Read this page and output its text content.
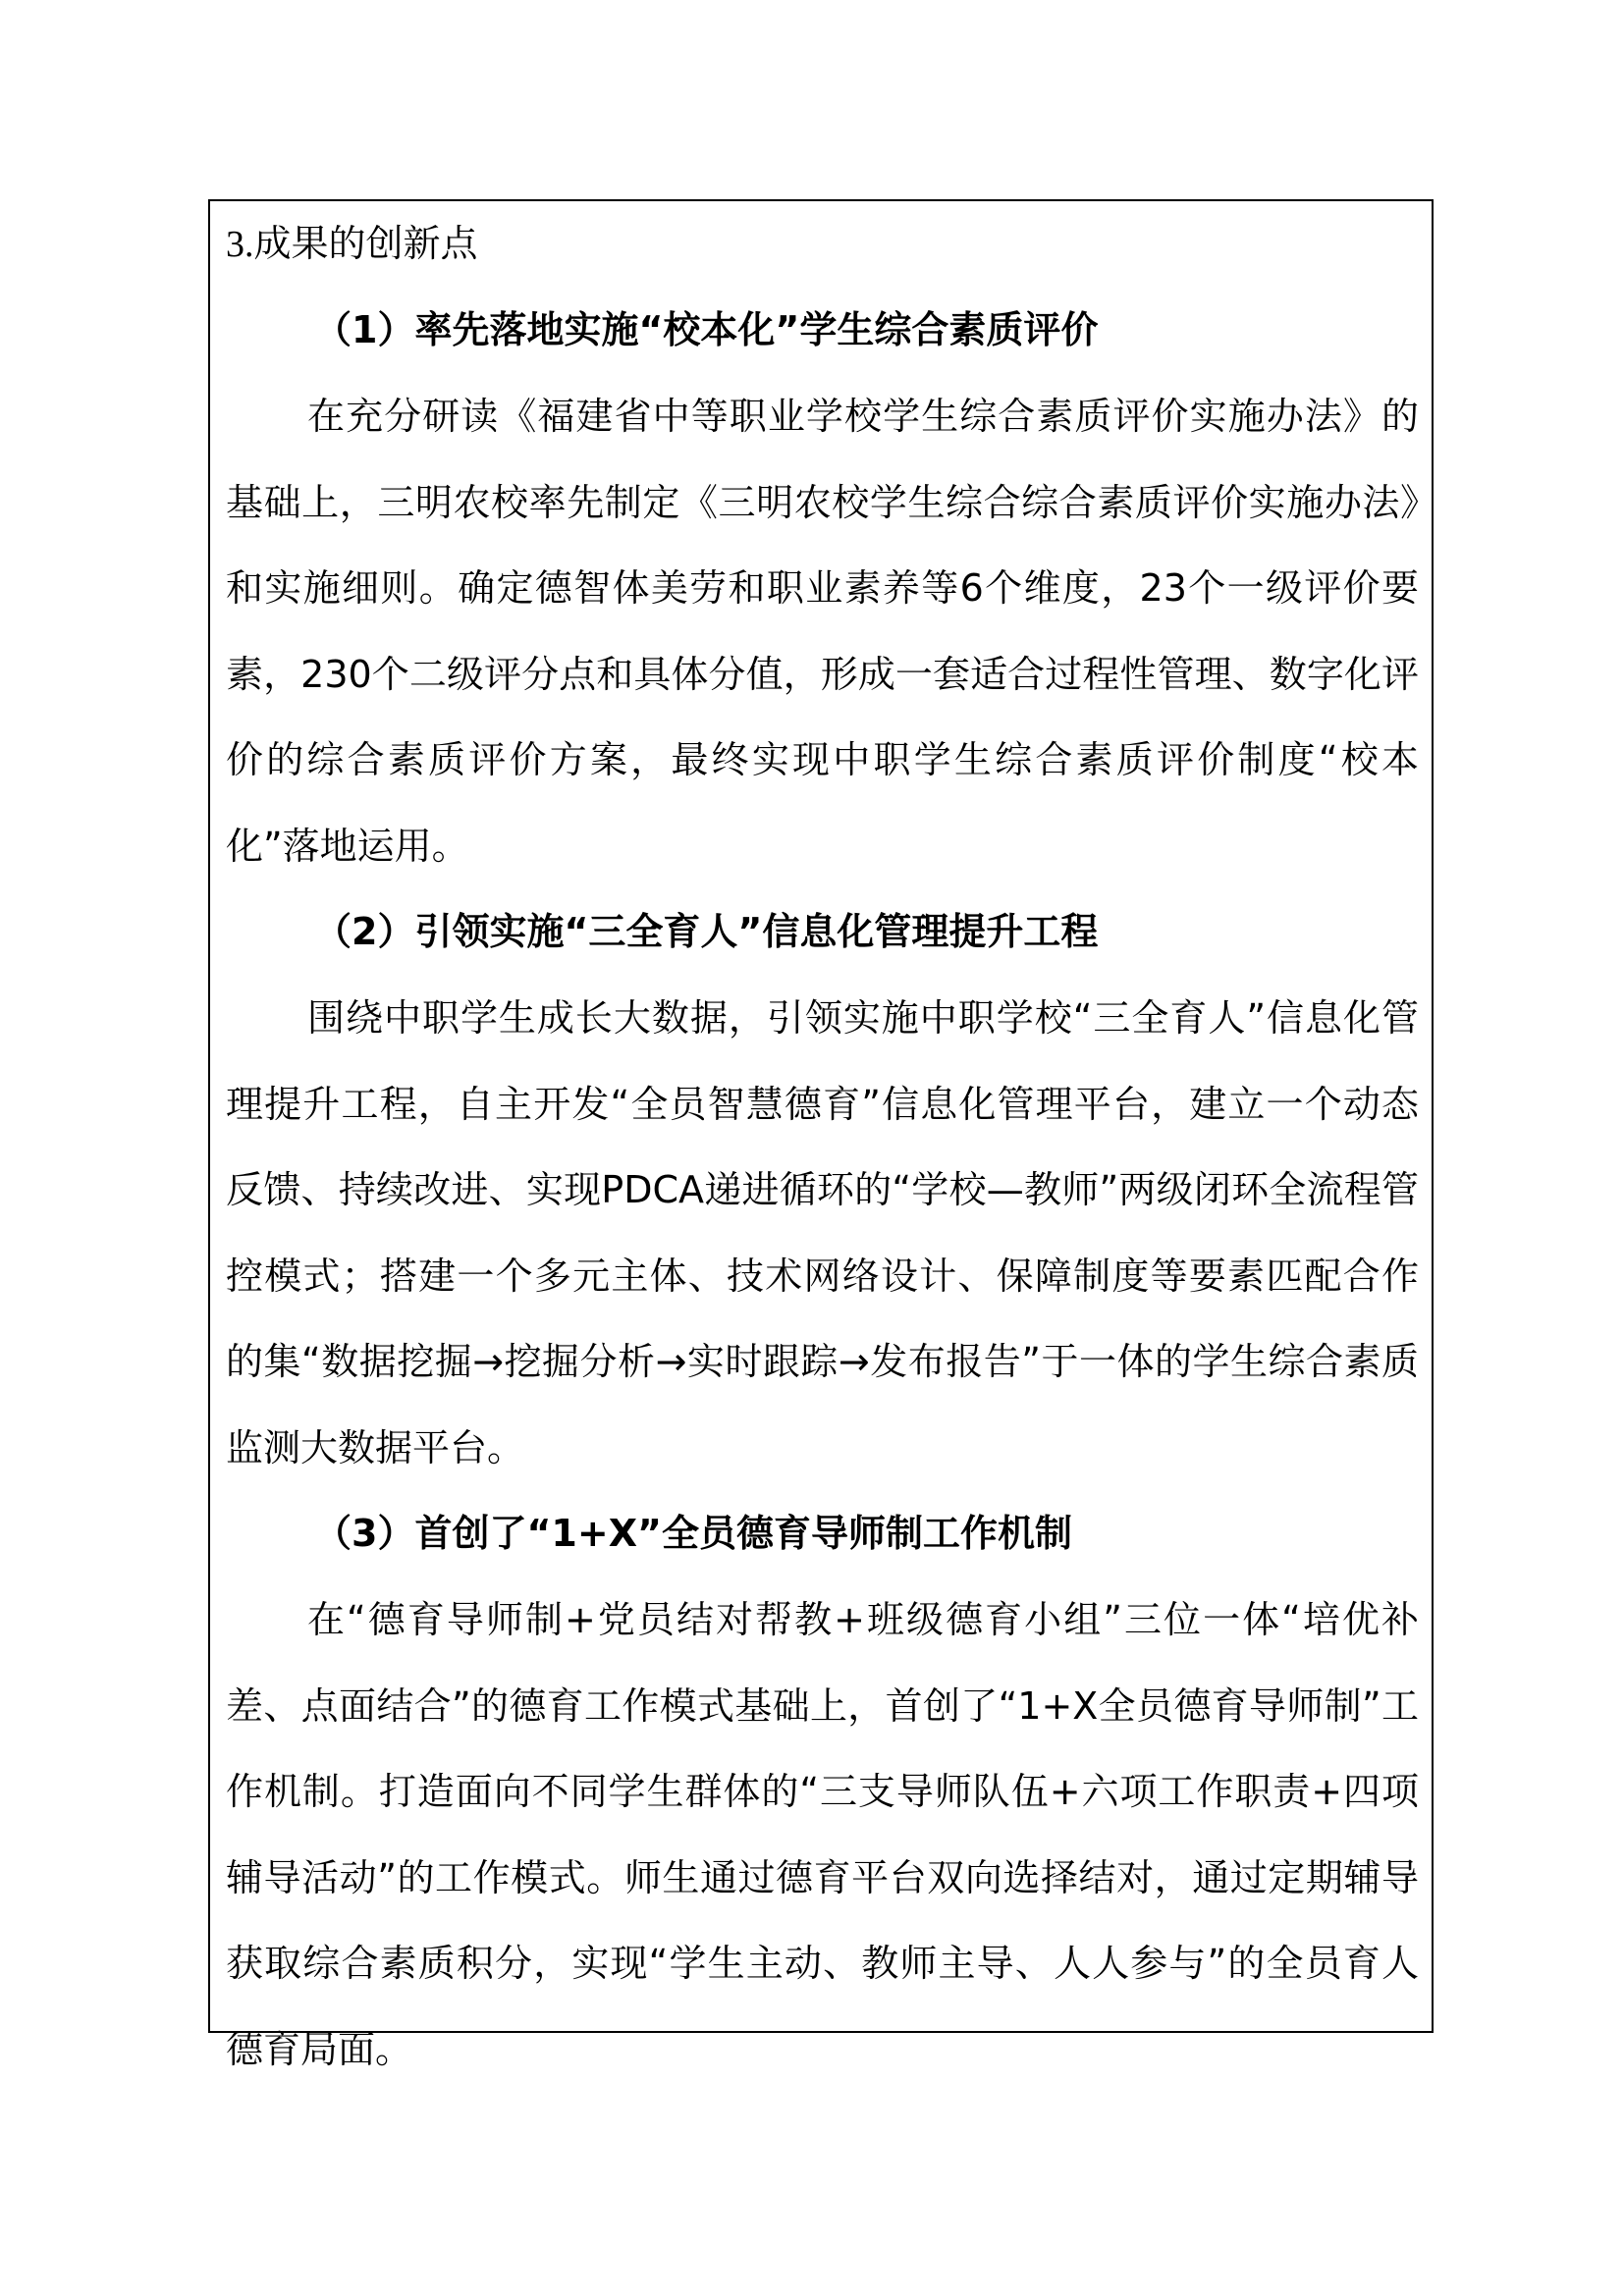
3.成果的创新点

（1）率先落地实施“校本化”学生综合素质评价

在充分研读《福建省中等职业学校学生综合素质评价实施办法》的基础上，三明农校率先制定《三明农校学生综合综合素质评价实施办法》和实施细则。确定德智体美劳和职业素养等6个维度，23个一级评价要素，230个二级评分点和具体分值，形成一套适合过程性管理、数字化评价的综合素质评价方案，最终实现中职学生综合素质评价制度“校本化”落地运用。

（2）引领实施“三全育人”信息化管理提升工程

围绕中职学生成长大数据，引领实施中职学校“三全育人”信息化管理提升工程，自主开发“全员智慧德育”信息化管理平台，建立一个动态反馈、持续改进、实现PDCA递进循环的“学校—教师”两级闭环全流程管控模式；搭建一个多元主体、技术网络设计、保障制度等要素匹配合作的集“数据挖掘→挖掘分析→实时跟踪→发布报告”于一体的学生综合素质监测大数据平台。

（3）首创了“1+X”全员德育导师制工作机制

在“德育导师制+党员结对帮教+班级德育小组”三位一体“培优补差、点面结合”的德育工作模式基础上，首创了“1+X全员德育导师制”工作机制。打造面向不同学生群体的“三支导师队伍+六项工作职责+四项辅导活动”的工作模式。师生通过德育平台双向选择结对，通过定期辅导获取综合素质积分，实现“学生主动、教师主导、人人参与”的全员育人德育局面。
